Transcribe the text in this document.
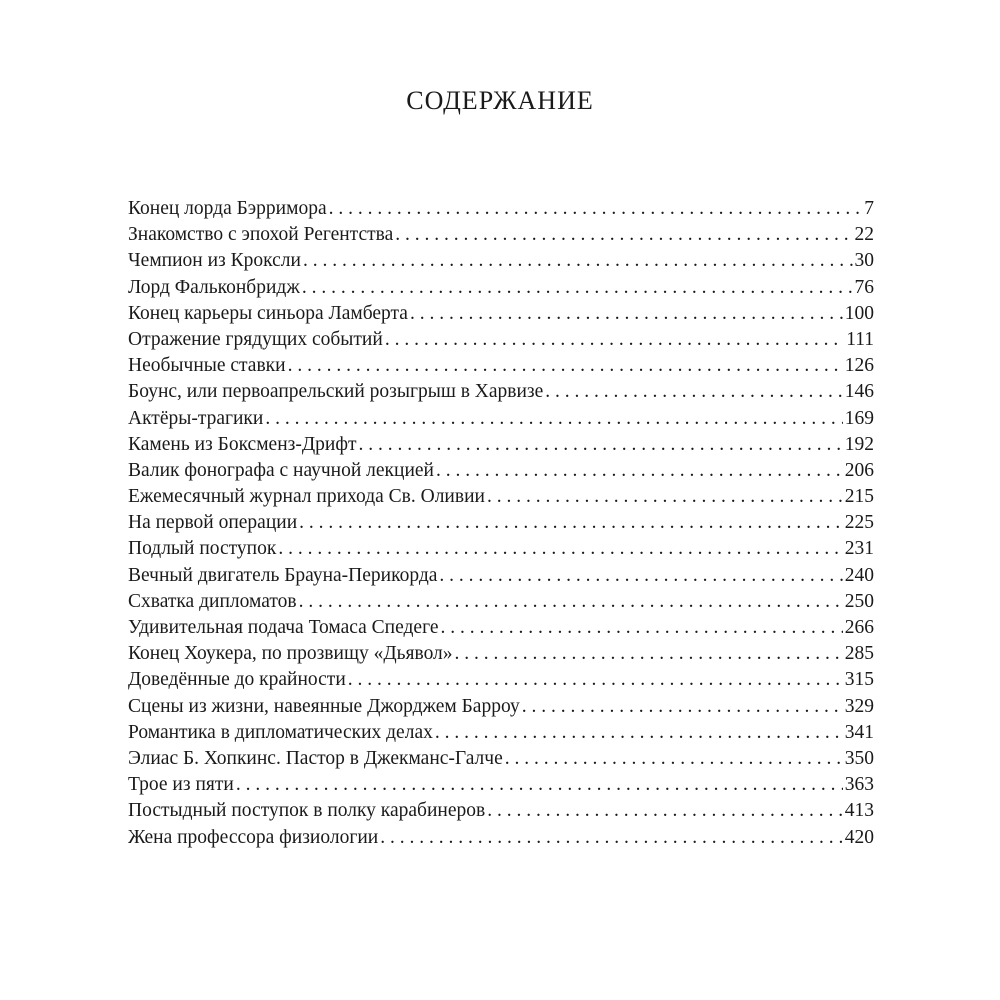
СОДЕРЖАНИЕ
Конец лорда Бэрримора . . .	7
Знакомство с эпохой Регентства . . .	22
Чемпион из Кроксли . . .	30
Лорд Фальконбридж . . .	76
Конец карьеры синьора Ламберта . . .	100
Отражение грядущих событий . . .	111
Необычные ставки . . .	126
Боунс, или первоапрельский розыгрыш в Харвизе . . .	146
Актёры-трагики . . .	169
Камень из Боксменз-Дрифт . . .	192
Валик фонографа с научной лекцией . . .	206
Ежемесячный журнал прихода Св. Оливии . . .	215
На первой операции . . .	225
Подлый поступок . . .	231
Вечный двигатель Брауна-Перикорда . . .	240
Схватка дипломатов . . .	250
Удивительная подача Томаса Спедеге . . .	266
Конец Хоукера, по прозвищу «Дьявол» . . .	285
Доведённые до крайности . . .	315
Сцены из жизни, навеянные Джорджем Барроу . . .	329
Романтика в дипломатических делах . . .	341
Элиас Б. Хопкинс. Пастор в Джекманс-Галче . . .	350
Трое из пяти . . .	363
Постыдный поступок в полку карабинеров . . .	413
Жена профессора физиологии . . .	420
